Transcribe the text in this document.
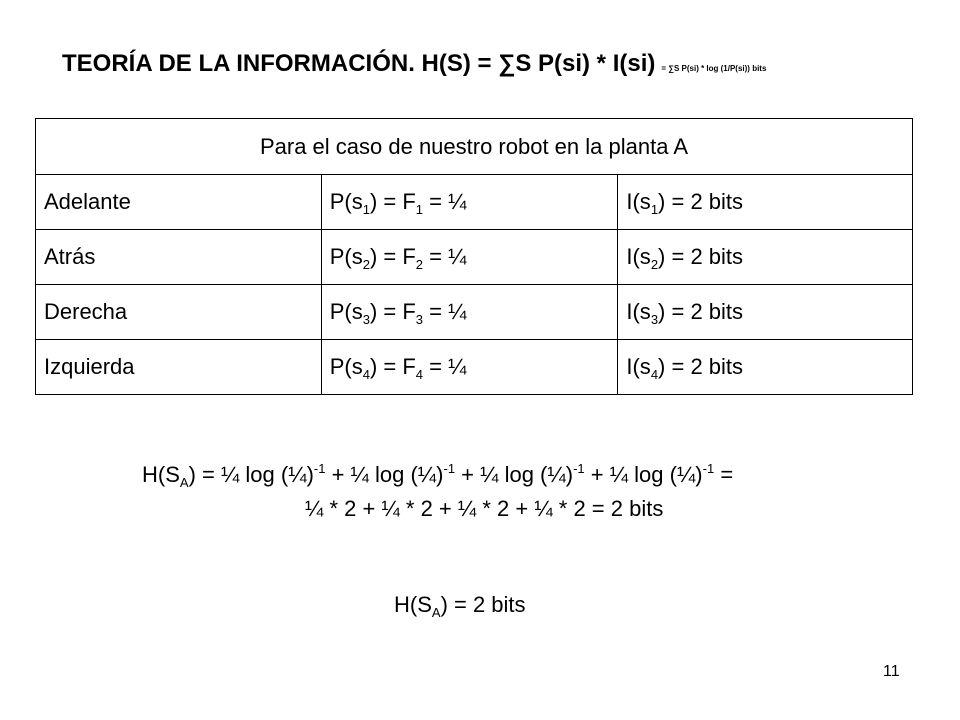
TEORÍA DE LA INFORMACIÓN. H(S) = ∑S P(si) * I(si) = ∑S P(si) * log (1/P(si)) bits
Para el caso de nuestro robot en la planta A		
Adelante	$P(s_1) = F_1$ = ¼	$I(s_1) = 2$ bits
Atrás	$P(s_2) = F_2$ = ¼	$I(s_2) = 2$ bits
Derecha	$P(s_3) = F_3$ = ¼	$I(s_3) = 2$ bits
Izquierda	$P(s_4) = F_4$ = ¼	$I(s_4) = 2$ bits
$H(S_A)$ = ¼ log (¼)$^{-1}$ + ¼ log (¼)$^{-1}$ + ¼ log (¼)$^{-1}$ + ¼ log (¼)$^{-1}$ =
¼ * 2 + ¼ * 2 + ¼ * 2 + ¼ * 2 = 2 bits
$H(S_A) = 2$ bits
11
